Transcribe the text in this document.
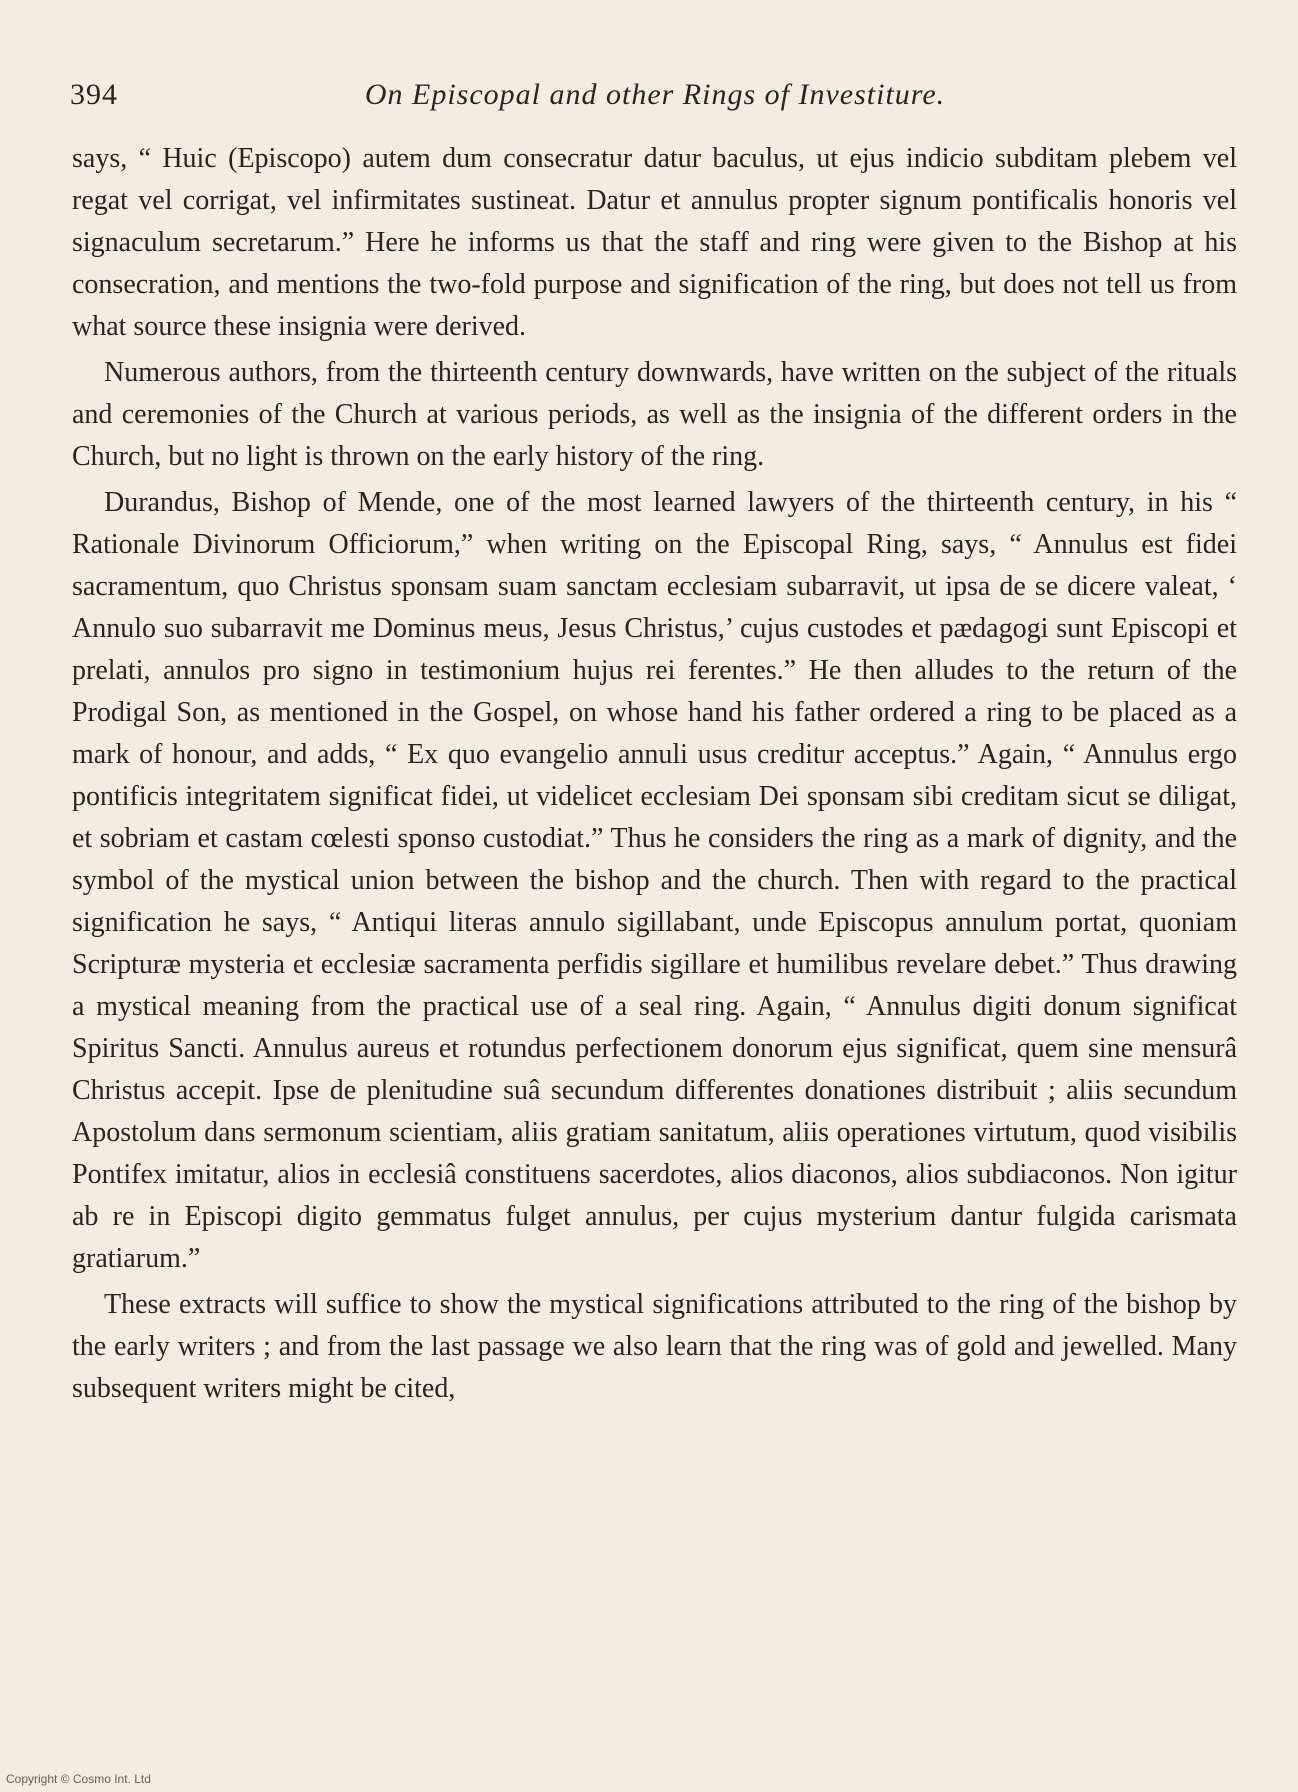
394	On Episcopal and other Rings of Investiture.

says, “ Huic (Episcopo) autem dum consecratur datur baculus, ut ejus indicio subditam plebem vel regat vel corrigat, vel infirmitates sustineat. Datur et annulus propter signum pontificalis honoris vel signaculum secretarum.” Here he informs us that the staff and ring were given to the Bishop at his consecration, and mentions the two-fold purpose and signification of the ring, but does not tell us from what source these insignia were derived.

Numerous authors, from the thirteenth century downwards, have written on the subject of the rituals and ceremonies of the Church at various periods, as well as the insignia of the different orders in the Church, but no light is thrown on the early history of the ring.

Durandus, Bishop of Mende, one of the most learned lawyers of the thirteenth century, in his “ Rationale Divinorum Officiorum,” when writing on the Episcopal Ring, says, “ Annulus est fidei sacramentum, quo Christus sponsam suam sanctam ecclesiam subarravit, ut ipsa de se dicere valeat, ‘ Annulo suo subarravit me Dominus meus, Jesus Christus,’ cujus custodes et pædagogi sunt Episcopi et prelati, annulos pro signo in testimonium hujus rei ferentes.” He then alludes to the return of the Prodigal Son, as mentioned in the Gospel, on whose hand his father ordered a ring to be placed as a mark of honour, and adds, “ Ex quo evangelio annuli usus creditur acceptus.” Again, “ Annulus ergo pontificis integritatem significat fidei, ut videlicet ecclesiam Dei sponsam sibi creditam sicut se diligat, et sobriam et castam cœlesti sponso custodiat.” Thus he considers the ring as a mark of dignity, and the symbol of the mystical union between the bishop and the church. Then with regard to the practical signification he says, “ Antiqui literas annulo sigillabant, unde Episcopus annulum portat, quoniam Scripturæ mysteria et ecclesiæ sacramenta perfidis sigillare et humilibus revelare debet.” Thus drawing a mystical meaning from the practical use of a seal ring. Again, “ Annulus digiti donum significat Spiritus Sancti. Annulus aureus et rotundus perfectionem donorum ejus significat, quem sine mensurâ Christus accepit. Ipse de plenitudine suâ secundum differentes donationes distribuit ; aliis secundum Apostolum dans sermonum scientiam, aliis gratiam sanitatum, aliis operationes virtutum, quod visibilis Pontifex imitatur, alios in ecclesiâ constituens sacerdotes, alios diaconos, alios subdiaconos. Non igitur ab re in Episcopi digito gemmatus fulget annulus, per cujus mysterium dantur fulgida carismata gratiarum.”

These extracts will suffice to show the mystical significations attributed to the ring of the bishop by the early writers ; and from the last passage we also learn that the ring was of gold and jewelled. Many subsequent writers might be cited,

Copyright © Cosmo Int. Ltd
